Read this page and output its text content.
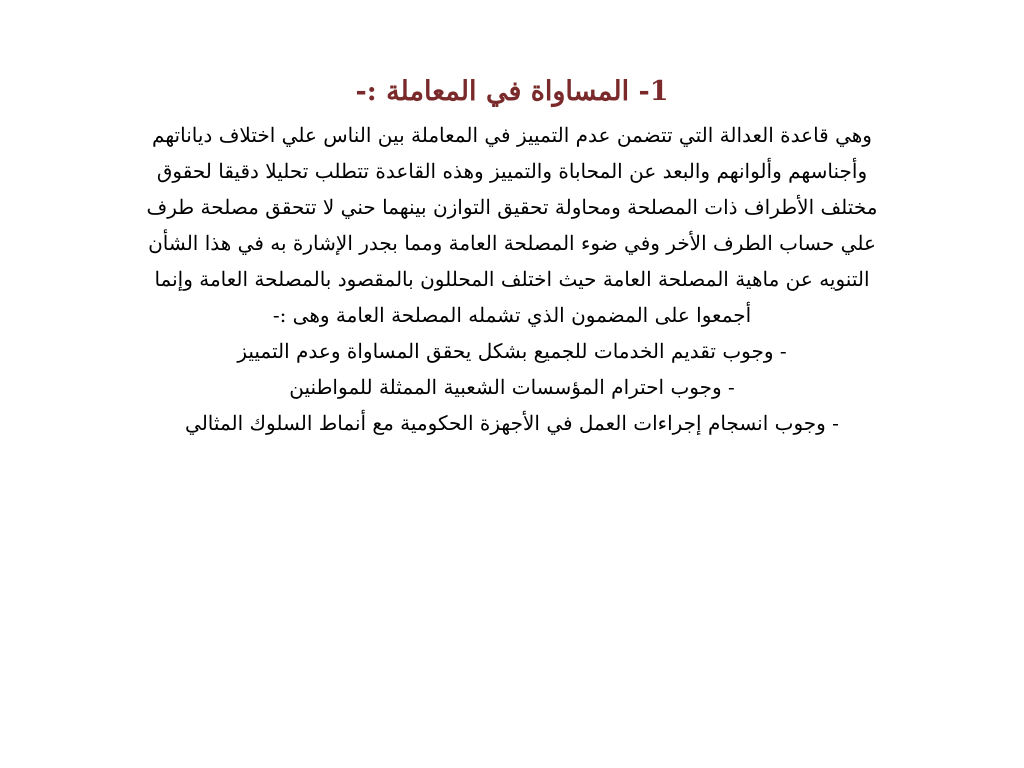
1- المساواة في المعاملة :-
وهي قاعدة العدالة التي تتضمن عدم التمييز في المعاملة بين الناس علي اختلاف دياناتهم
وأجناسهم وألوانهم والبعد عن المحاباة والتمييز وهذه القاعدة تتطلب تحليلا دقيقا لحقوق
مختلف الأطراف ذات المصلحة ومحاولة تحقيق التوازن بينهما حني لا تتحقق مصلحة طرف
علي حساب الطرف الأخر وفي ضوء المصلحة العامة ومما بجدر الإشارة به في هذا الشأن
التنويه عن ماهية المصلحة العامة حيث اختلف المحللون بالمقصود بالمصلحة العامة وإنما
أجمعوا على المضمون الذي تشمله المصلحة العامة وهى :-
- وجوب تقديم الخدمات للجميع بشكل يحقق المساواة وعدم التمييز
- وجوب احترام المؤسسات الشعبية الممثلة للمواطنين
- وجوب انسجام إجراءات العمل في الأجهزة الحكومية مع أنماط السلوك المثالي
